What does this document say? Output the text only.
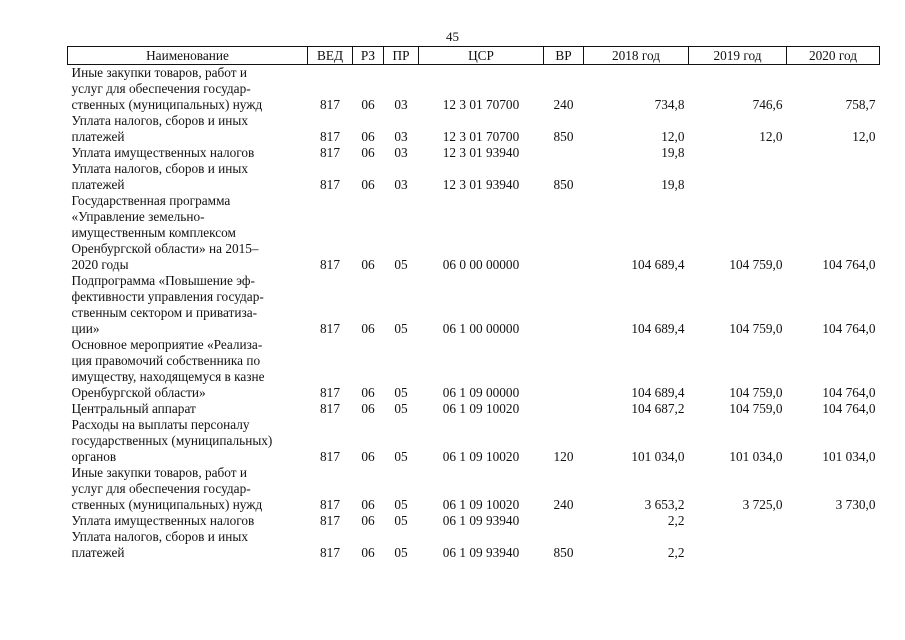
45
Наименование	ВЕД	РЗ	ПР	ЦСР	ВР	2018 год	2019 год	2020 год
Иные закупки товаров, работ и
услуг для обеспечения государ-
ственных (муниципальных) нужд	817	06	03	12 3 01 70700	240	734,8	746,6	758,7
Уплата налогов, сборов и иных
платежей	817	06	03	12 3 01 70700	850	12,0	12,0	12,0
Уплата имущественных налогов	817	06	03	12 3 01 93940		19,8		
Уплата налогов, сборов и иных
платежей	817	06	03	12 3 01 93940	850	19,8		
Государственная программа
«Управление земельно-
имущественным комплексом
Оренбургской области» на 2015–
2020 годы	817	06	05	06 0 00 00000		104 689,4	104 759,0	104 764,0
Подпрограмма «Повышение эф-
фективности управления государ-
ственным сектором и приватиза-
ции»	817	06	05	06 1 00 00000		104 689,4	104 759,0	104 764,0
Основное мероприятие «Реализа-
ция правомочий собственника по
имуществу, находящемуся в казне
Оренбургской области»	817	06	05	06 1 09 00000		104 689,4	104 759,0	104 764,0
Центральный аппарат	817	06	05	06 1 09 10020		104 687,2	104 759,0	104 764,0
Расходы на выплаты персоналу
государственных (муниципальных)
органов	817	06	05	06 1 09 10020	120	101 034,0	101 034,0	101 034,0
Иные закупки товаров, работ и
услуг для обеспечения государ-
ственных (муниципальных) нужд	817	06	05	06 1 09 10020	240	3 653,2	3 725,0	3 730,0
Уплата имущественных налогов	817	06	05	06 1 09 93940		2,2		
Уплата налогов, сборов и иных
платежей	817	06	05	06 1 09 93940	850	2,2		
